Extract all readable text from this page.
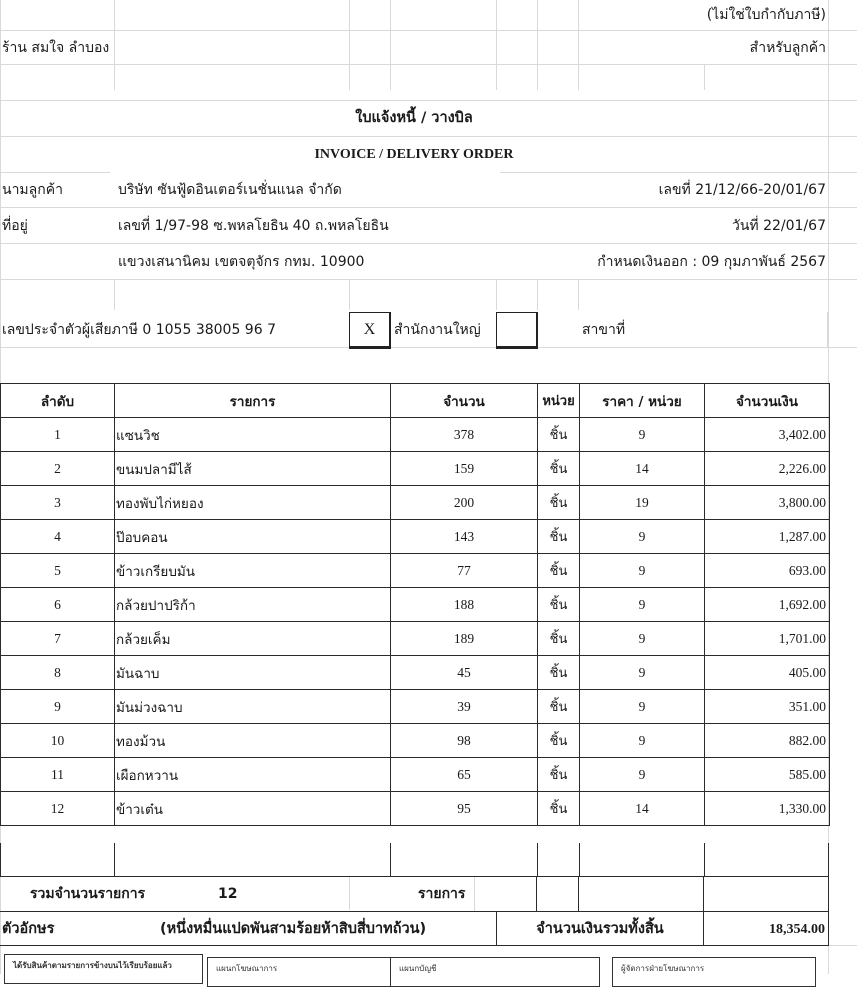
(ไม่ใช่ใบกำกับภาษี)
ร้าน สมใจ ลำบอง	สำหรับลูกค้า
ใบแจ้งหนี้ / วางบิล
INVOICE / DELIVERY ORDER
นามลูกค้า	บริษัท ซันฟู้ดอินเตอร์เนชั่นแนล จำกัด	เลขที่ 21/12/66-20/01/67
ที่อยู่	เลขที่ 1/97-98 ซ.พหลโยธิน 40 ถ.พหลโยธิน	วันที่ 22/01/67
แขวงเสนานิคม เขตจตุจักร กทม. 10900	กำหนดเงินออก : 09 กุมภาพันธ์ 2567
เลขประจำตัวผู้เสียภาษี 0 1055 38005 96 7	X	สำนักงานใหญ่	สาขาที่
ลำดับ	รายการ	จำนวน	หน่วย	ราคา / หน่วย	จำนวนเงิน
1	แซนวิช	378	ชิ้น	9	3,402.00
2	ขนมปลามีไส้	159	ชิ้น	14	2,226.00
3	ทองพับไก่หยอง	200	ชิ้น	19	3,800.00
4	ป๊อบคอน	143	ชิ้น	9	1,287.00
5	ข้าวเกรียบมัน	77	ชิ้น	9	693.00
6	กล้วยปาปริก้า	188	ชิ้น	9	1,692.00
7	กล้วยเค็ม	189	ชิ้น	9	1,701.00
8	มันฉาบ	45	ชิ้น	9	405.00
9	มันม่วงฉาบ	39	ชิ้น	9	351.00
10	ทองม้วน	98	ชิ้น	9	882.00
11	เผือกหวาน	65	ชิ้น	9	585.00
12	ข้าวเต๋น	95	ชิ้น	14	1,330.00
รวมจำนวนรายการ	12	รายการ
ตัวอักษร	(หนึ่งหมื่นแปดพันสามร้อยห้าสิบสี่บาทถ้วน)	จำนวนเงินรวมทั้งสิ้น	18,354.00
ได้รับสินค้าตามรายการข้างบนไว้เรียบร้อยแล้ว	แผนกโฆษณาการ	แผนกบัญชี	ผู้จัดการฝ่ายโฆษณาการ
